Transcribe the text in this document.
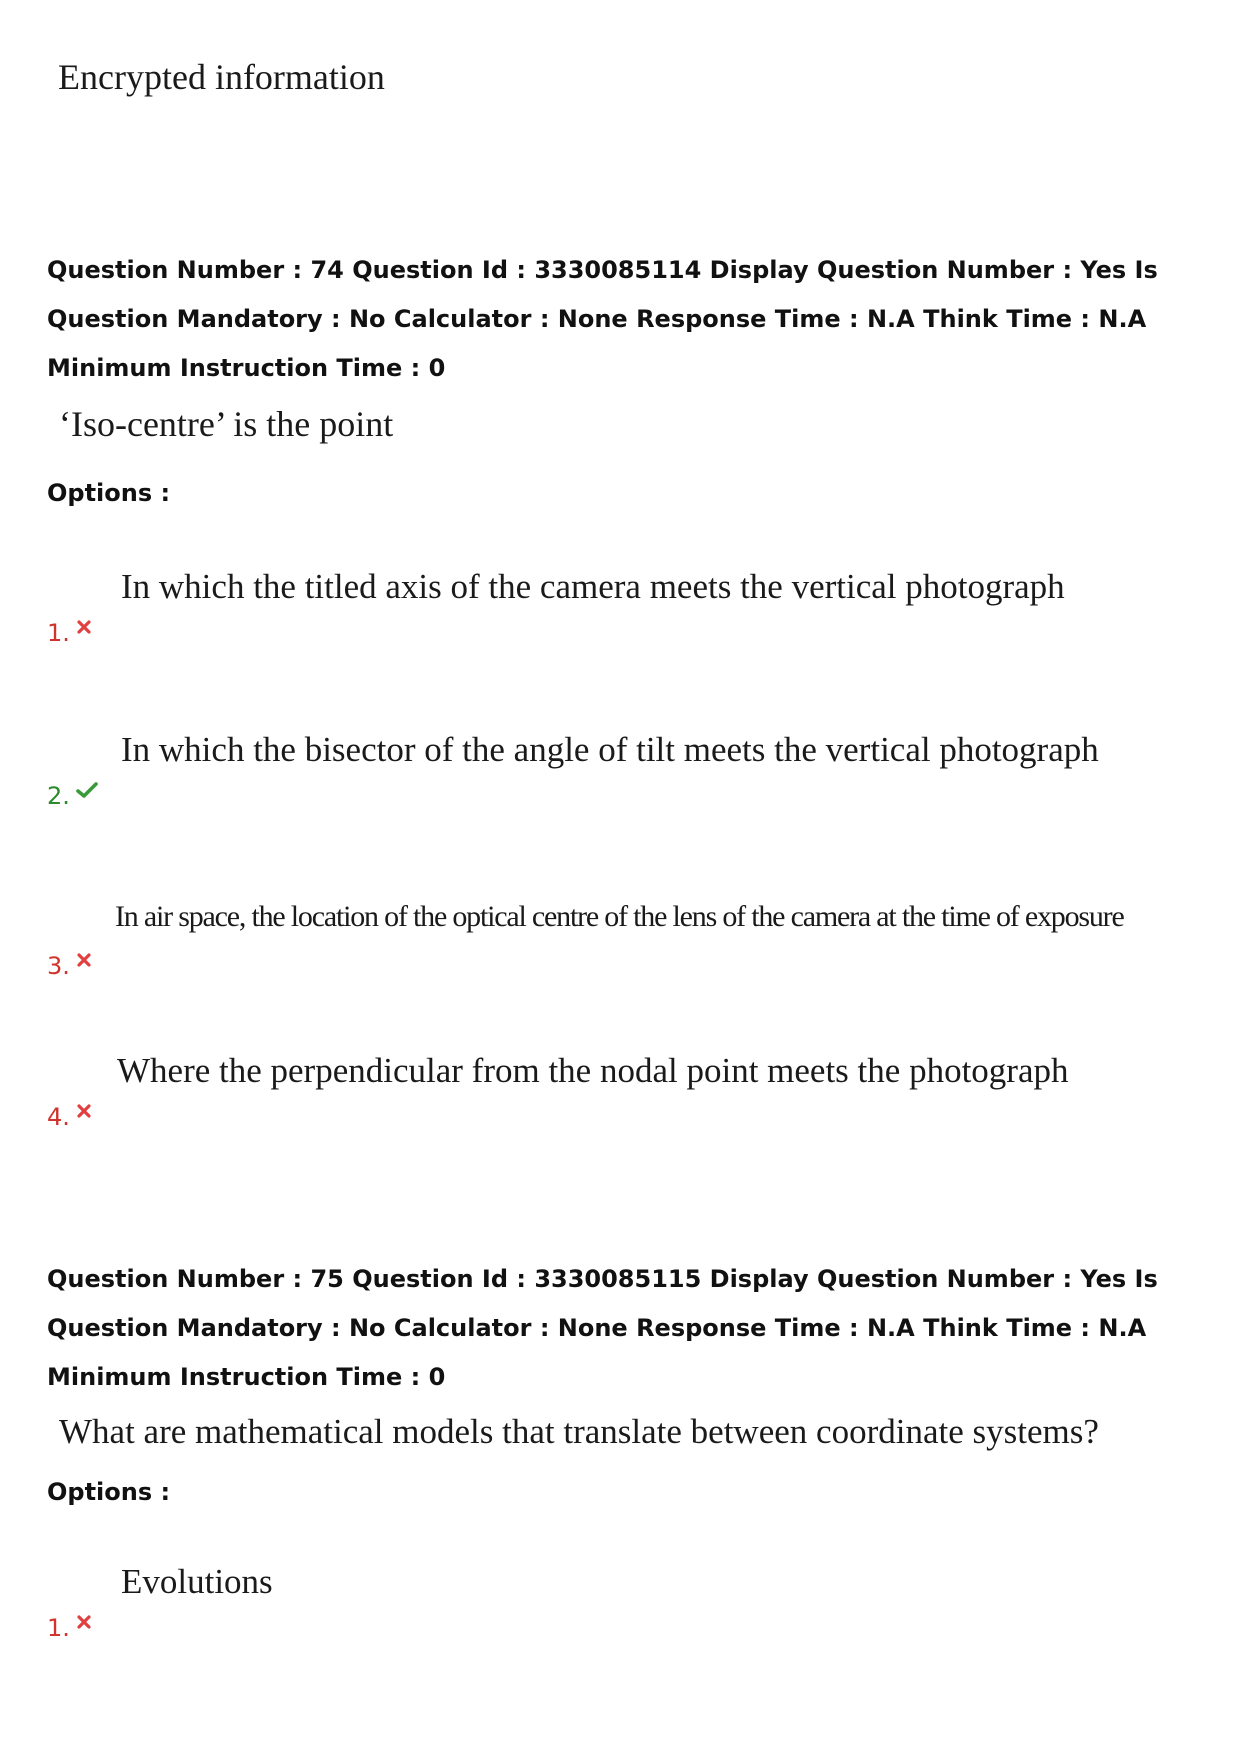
Encrypted information

Question Number : 74 Question Id : 3330085114 Display Question Number : Yes Is Question Mandatory : No Calculator : None Response Time : N.A Think Time : N.A Minimum Instruction Time : 0

‘Iso-centre’ is the point
Options :
1.
In which the titled axis of the camera meets the vertical photograph
2.
In which the bisector of the angle of tilt meets the vertical photograph
3.
In air space, the location of the optical centre of the lens of the camera at the time of exposure
4.
Where the perpendicular from the nodal point meets the photograph

Question Number : 75 Question Id : 3330085115 Display Question Number : Yes Is Question Mandatory : No Calculator : None Response Time : N.A Think Time : N.A Minimum Instruction Time : 0

What are mathematical models that translate between coordinate systems?
Options :
1.
Evolutions
